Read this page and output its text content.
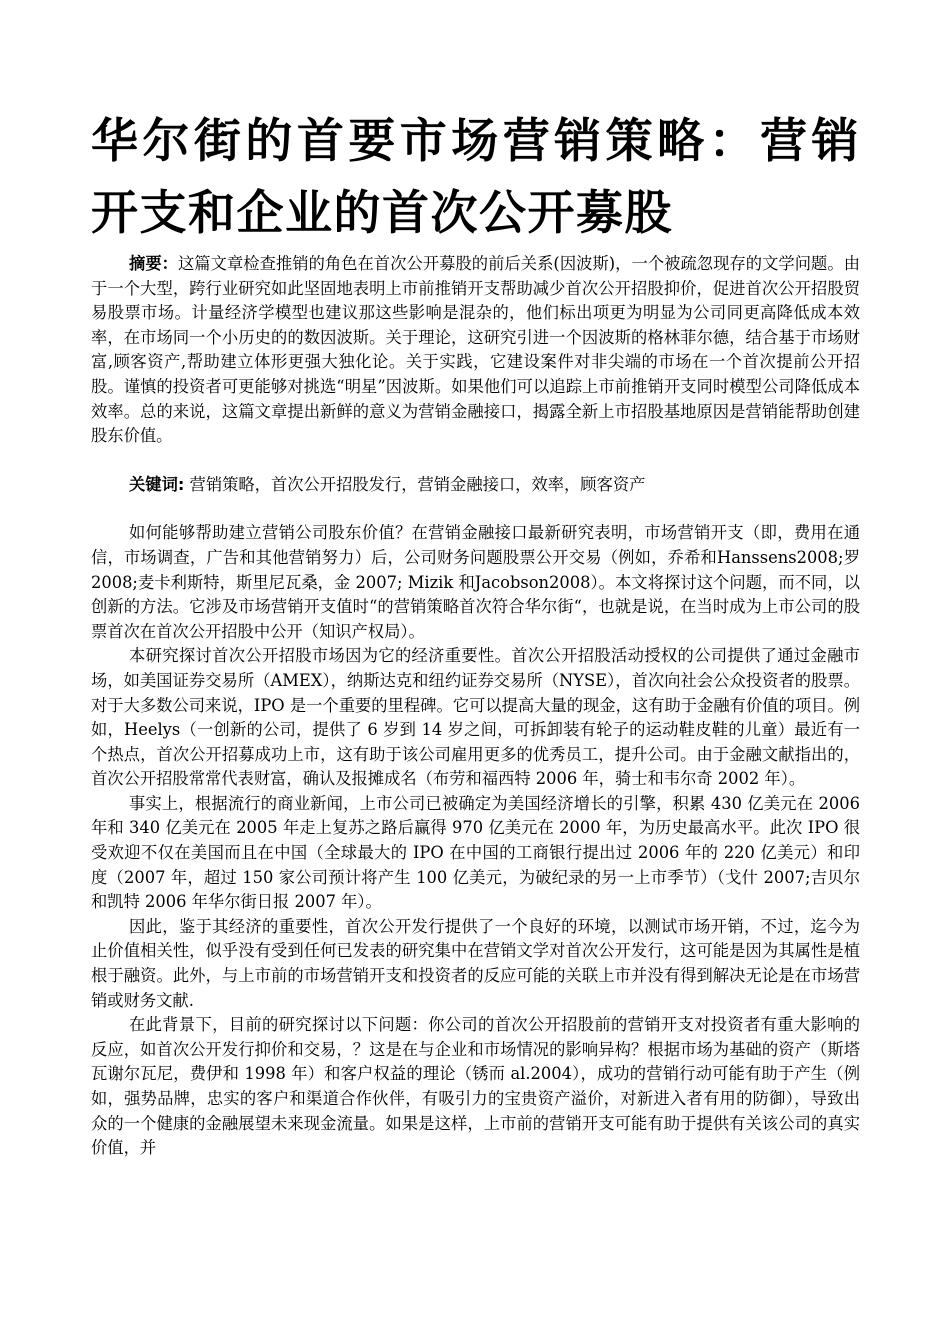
华尔街的首要市场营销策略：营销开支和企业的首次公开募股

摘要：这篇文章检查推销的角色在首次公开募股的前后关系(因波斯)，一个被疏忽现存的文学问题。由于一个大型，跨行业研究如此坚固地表明上市前推销开支帮助减少首次公开招股抑价，促进首次公开招股贸易股票市场。计量经济学模型也建议那这些影响是混杂的，他们标出项更为明显为公司同更高降低成本效率，在市场同一个小历史的的数因波斯。关于理论，这研究引进一个因波斯的格林菲尔德，结合基于市场财富,顾客资产,帮助建立体形更强大独化论。关于实践，它建设案件对非尖端的市场在一个首次提前公开招股。谨慎的投资者可更能够对挑选“明星”因波斯。如果他们可以追踪上市前推销开支同时模型公司降低成本效率。总的来说，这篇文章提出新鲜的意义为营销金融接口，揭露全新上市招股基地原因是营销能帮助创建股东价值。

关键词: 营销策略，首次公开招股发行，营销金融接口，效率，顾客资产

如何能够帮助建立营销公司股东价值？在营销金融接口最新研究表明，市场营销开支（即，费用在通信，市场调查，广告和其他营销努力）后，公司财务问题股票公开交易（例如，乔希和Hanssens2008;罗 2008;麦卡利斯特，斯里尼瓦桑，金 2007; Mizik 和Jacobson2008）。本文将探讨这个问题，而不同，以创新的方法。它涉及市场营销开支值时“的营销策略首次符合华尔街“，也就是说，在当时成为上市公司的股票首次在首次公开招股中公开（知识产权局）。

本研究探讨首次公开招股市场因为它的经济重要性。首次公开招股活动授权的公司提供了通过金融市场，如美国证券交易所（AMEX），纳斯达克和纽约证券交易所（NYSE），首次向社会公众投资者的股票。对于大多数公司来说，IPO 是一个重要的里程碑。它可以提高大量的现金，这有助于金融有价值的项目。例如，Heelys（一创新的公司，提供了 6 岁到 14 岁之间，可拆卸装有轮子的运动鞋皮鞋的儿童）最近有一个热点，首次公开招募成功上市，这有助于该公司雇用更多的优秀员工，提升公司。由于金融文献指出的，首次公开招股常常代表财富，确认及报摊成名（布劳和福西特 2006 年，骑士和韦尔奇 2002 年）。

事实上，根据流行的商业新闻，上市公司已被确定为美国经济增长的引擎，积累 430 亿美元在 2006 年和 340 亿美元在 2005 年走上复苏之路后赢得 970 亿美元在 2000 年，为历史最高水平。此次 IPO 很受欢迎不仅在美国而且在中国（全球最大的 IPO 在中国的工商银行提出过 2006 年的 220 亿美元）和印度（2007 年，超过 150 家公司预计将产生 100 亿美元，为破纪录的另一上市季节）（戈什 2007;吉贝尔和凯特 2006 年华尔街日报 2007 年）。

因此，鉴于其经济的重要性，首次公开发行提供了一个良好的环境，以测试市场开销，不过，迄今为止价值相关性，似乎没有受到任何已发表的研究集中在营销文学对首次公开发行，这可能是因为其属性是植根于融资。此外，与上市前的市场营销开支和投资者的反应可能的关联上市并没有得到解决无论是在市场营销或财务文献.

在此背景下，目前的研究探讨以下问题：你公司的首次公开招股前的营销开支对投资者有重大影响的反应，如首次公开发行抑价和交易，？这是在与企业和市场情况的影响异构？根据市场为基础的资产（斯塔瓦谢尔瓦尼，费伊和 1998 年）和客户权益的理论（锈而 al.2004），成功的营销行动可能有助于产生（例如，强势品牌，忠实的客户和渠道合作伙伴，有吸引力的宝贵资产溢价，对新进入者有用的防御），导致出众的一个健康的金融展望未来现金流量。如果是这样，上市前的营销开支可能有助于提供有关该公司的真实价值，并
